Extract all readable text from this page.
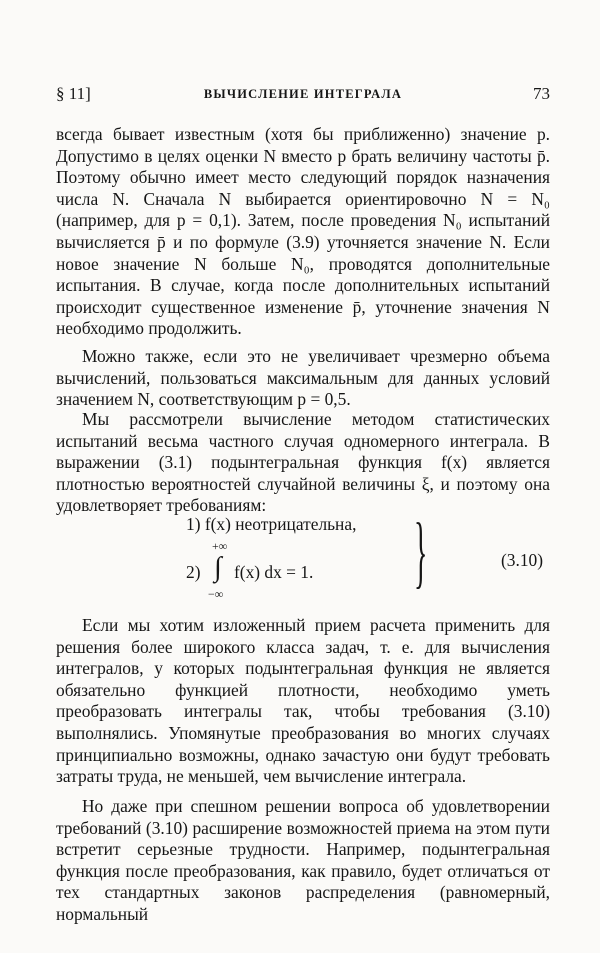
§ 11]	ВЫЧИСЛЕНИЕ ИНТЕГРАЛА	73
всегда бывает известным (хотя бы приближенно) значение p. Допустимо в целях оценки N вместо p брать величину частоты p̄. Поэтому обычно имеет место следующий порядок назначения числа N. Сначала N выбирается ориентировочно N = N₀ (например, для p = 0,1). Затем, после проведения N₀ испытаний вычисляется p̄ и по формуле (3.9) уточняется значение N. Если новое значение N больше N₀, проводятся дополнительные испытания. В случае, когда после дополнительных испытаний происходит существенное изменение p̄, уточнение значения N необходимо продолжить.
Можно также, если это не увеличивает чрезмерно объема вычислений, пользоваться максимальным для данных условий значением N, соответствующим p = 0,5.
Мы рассмотрели вычисление методом статистических испытаний весьма частного случая одномерного интеграла. В выражении (3.1) подынтегральная функция f(x) является плотностью вероятностей случайной величины ξ, и поэтому она удовлетворяет требованиям:
1) f(x) неотрицательна,
2)
+∞
∫
−∞
f(x) dx = 1. }	(3.10)
Если мы хотим изложенный прием расчета применить для решения более широкого класса задач, т. е. для вычисления интегралов, у которых подынтегральная функция не является обязательно функцией плотности, необходимо уметь преобразовать интегралы так, чтобы требования (3.10) выполнялись. Упомянутые преобразования во многих случаях принципиально возможны, однако зачастую они будут требовать затраты труда, не меньшей, чем вычисление интеграла.
Но даже при спешном решении вопроса об удовлетворении требований (3.10) расширение возможностей приема на этом пути встретит серьезные трудности. Например, подынтегральная функция после преобразования, как правило, будет отличаться от тех стандартных законов распределения (равномерный, нормальный
